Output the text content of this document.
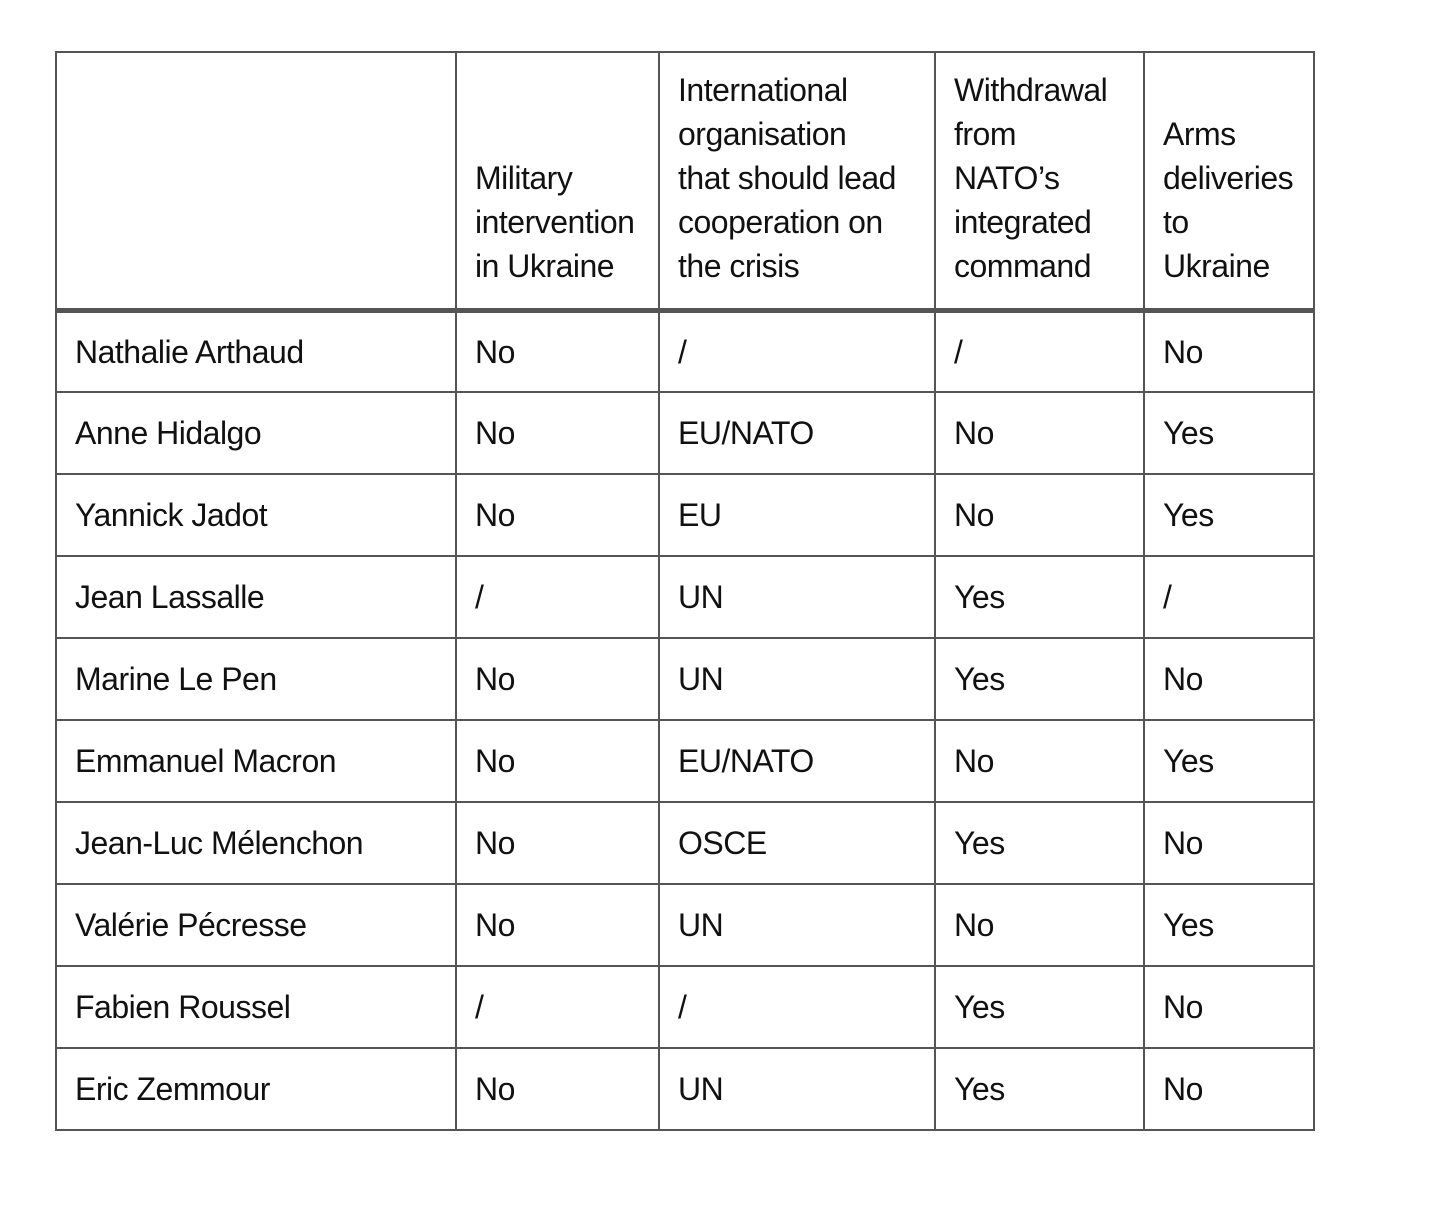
	Military
intervention
in Ukraine	International
organisation
that should lead
cooperation on
the crisis	Withdrawal
from
NATO’s
integrated
command	Arms
deliveries
to
Ukraine

Nathalie Arthaud	No	/	/	No
Anne Hidalgo	No	EU/NATO	No	Yes
Yannick Jadot	No	EU	No	Yes
Jean Lassalle	/	UN	Yes	/
Marine Le Pen	No	UN	Yes	No
Emmanuel Macron	No	EU/NATO	No	Yes
Jean-Luc Mélenchon	No	OSCE	Yes	No
Valérie Pécresse	No	UN	No	Yes
Fabien Roussel	/	/	Yes	No
Eric Zemmour	No	UN	Yes	No
